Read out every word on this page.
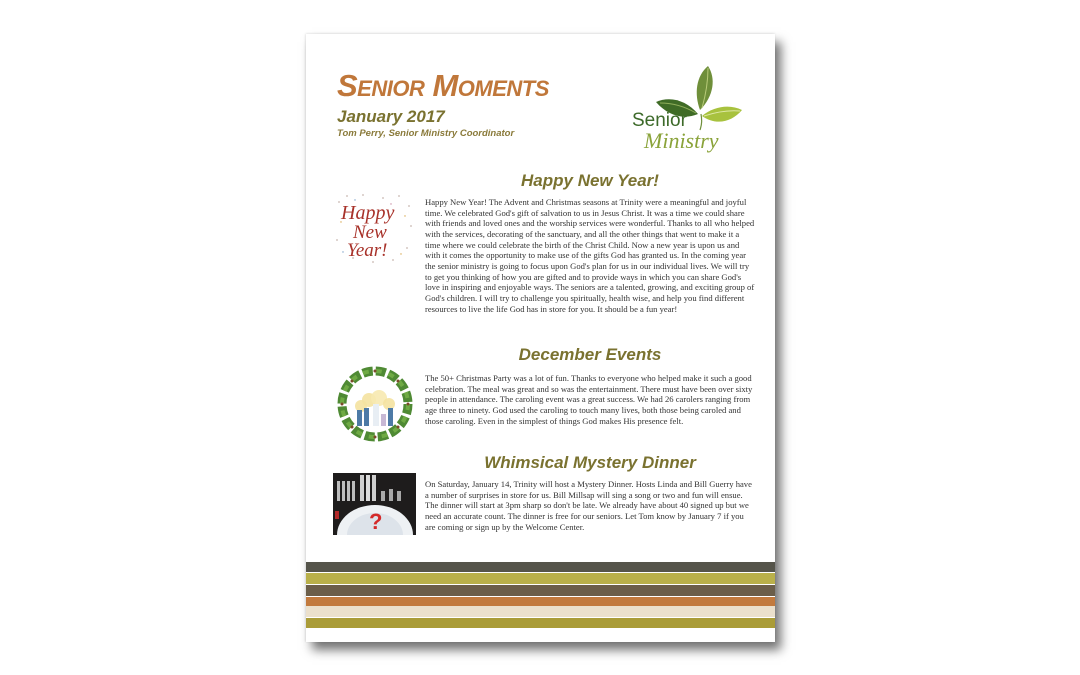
Senior Moments
January 2017
Tom Perry, Senior Ministry Coordinator
Senior
Ministry
Happy New Year!
Happy
New
Year!

Happy New Year! The Advent and Christmas seasons at Trinity were a meaningful and joyful time. We celebrated God's gift of salvation to us in Jesus Christ. It was a time we could share with friends and loved ones and the worship services were wonderful. Thanks to all who helped with the services, decorating of the sanctuary, and all the other things that went to make it a time where we could celebrate the birth of the Christ Child. Now a new year is upon us and with it comes the opportunity to make use of the gifts God has granted us. In the coming year the senior ministry is going to focus upon God's plan for us in our individual lives. We will try to get you thinking of how you are gifted and to provide ways in which you can share God's love in inspiring and enjoyable ways. The seniors are a talented, growing, and exciting group of God's children. I will try to challenge you spiritually, health wise, and help you find different resources to live the life God has in store for you. It should be a fun year!

December Events

The 50+ Christmas Party was a lot of fun. Thanks to everyone who helped make it such a good celebration. The meal was great and so was the entertainment. There must have been over sixty people in attendance. The caroling event was a great success. We had 26 carolers ranging from age three to ninety. God used the caroling to touch many lives, both those being caroled and those caroling. Even in the simplest of things God makes His presence felt.

Whimsical Mystery Dinner
?

On Saturday, January 14, Trinity will host a Mystery Dinner. Hosts Linda and Bill Guerry have a number of surprises in store for us. Bill Millsap will sing a song or two and fun will ensue. The dinner will start at 3pm sharp so don't be late. We already have about 40 signed up but we need an accurate count. The dinner is free for our seniors. Let Tom know by January 7 if you are coming or sign up by the Welcome Center.
